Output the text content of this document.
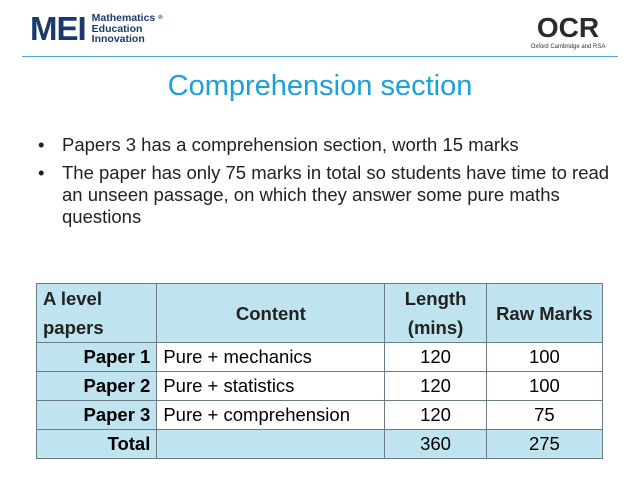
MEI Mathematics ®
Education
Innovation	OCR
Oxford Cambridge and RSA
Comprehension section
• Papers 3 has a comprehension section, worth 15 marks
• The paper has only 75 marks in total so students have time to read an unseen passage, on which they answer some pure maths questions
A level papers	Content	Length (mins)	Raw Marks
Paper 1	Pure + mechanics	120	100
Paper 2	Pure + statistics	120	100
Paper 3	Pure + comprehension	120	75
Total		360	275
